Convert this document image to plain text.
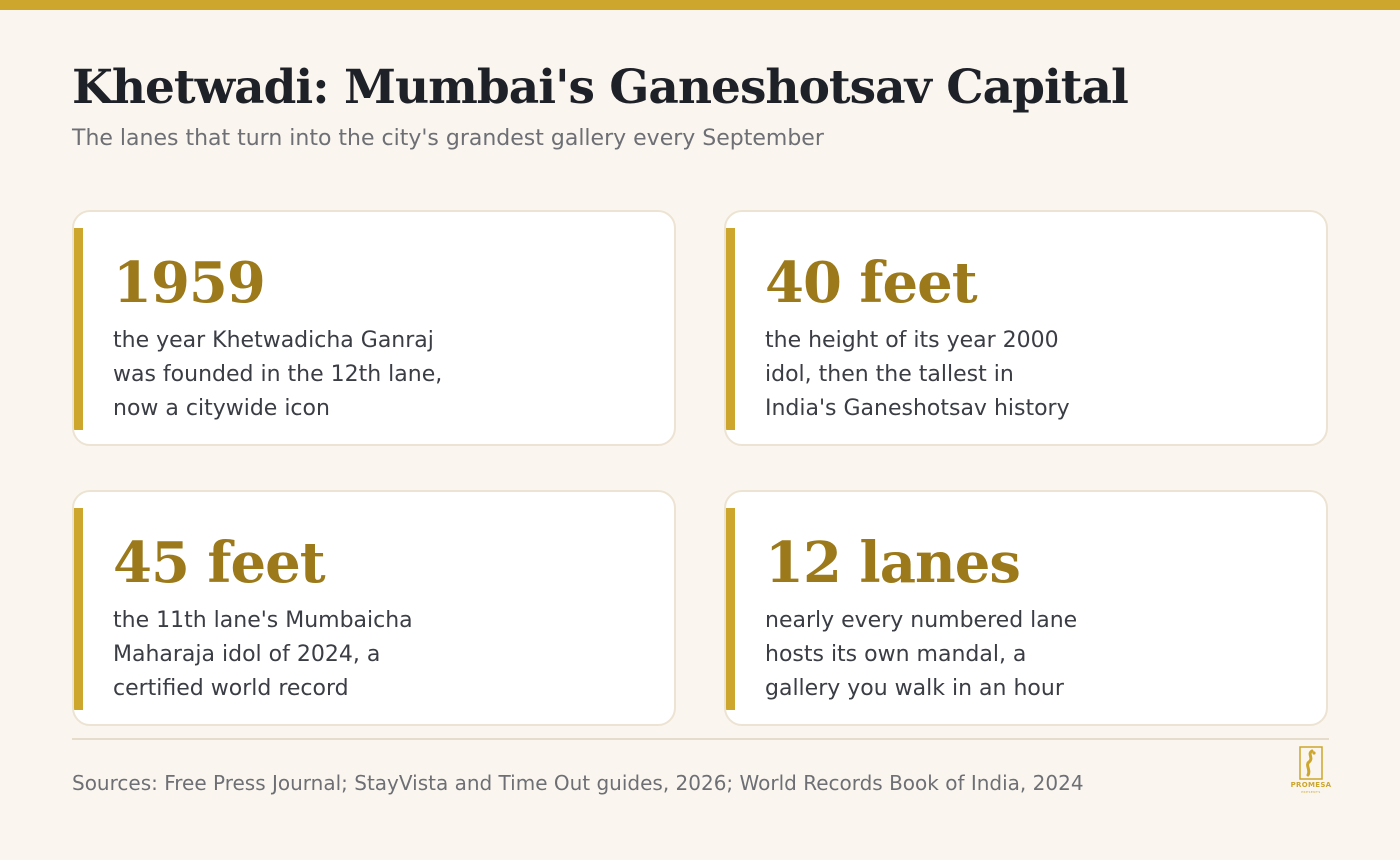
Khetwadi: Mumbai's Ganeshotsav Capital
The lanes that turn into the city's grandest gallery every September
1959
the year Khetwadicha Ganraj
was founded in the 12th lane,
now a citywide icon
40 feet
the height of its year 2000
idol, then the tallest in
India's Ganeshotsav history
45 feet
the 11th lane's Mumbaicha
Maharaja idol of 2024, a
certified world record
12 lanes
nearly every numbered lane
hosts its own mandal, a
gallery you walk in an hour
Sources: Free Press Journal; StayVista and Time Out guides, 2026; World Records Book of India, 2024	PROMESA
PRESENTS
